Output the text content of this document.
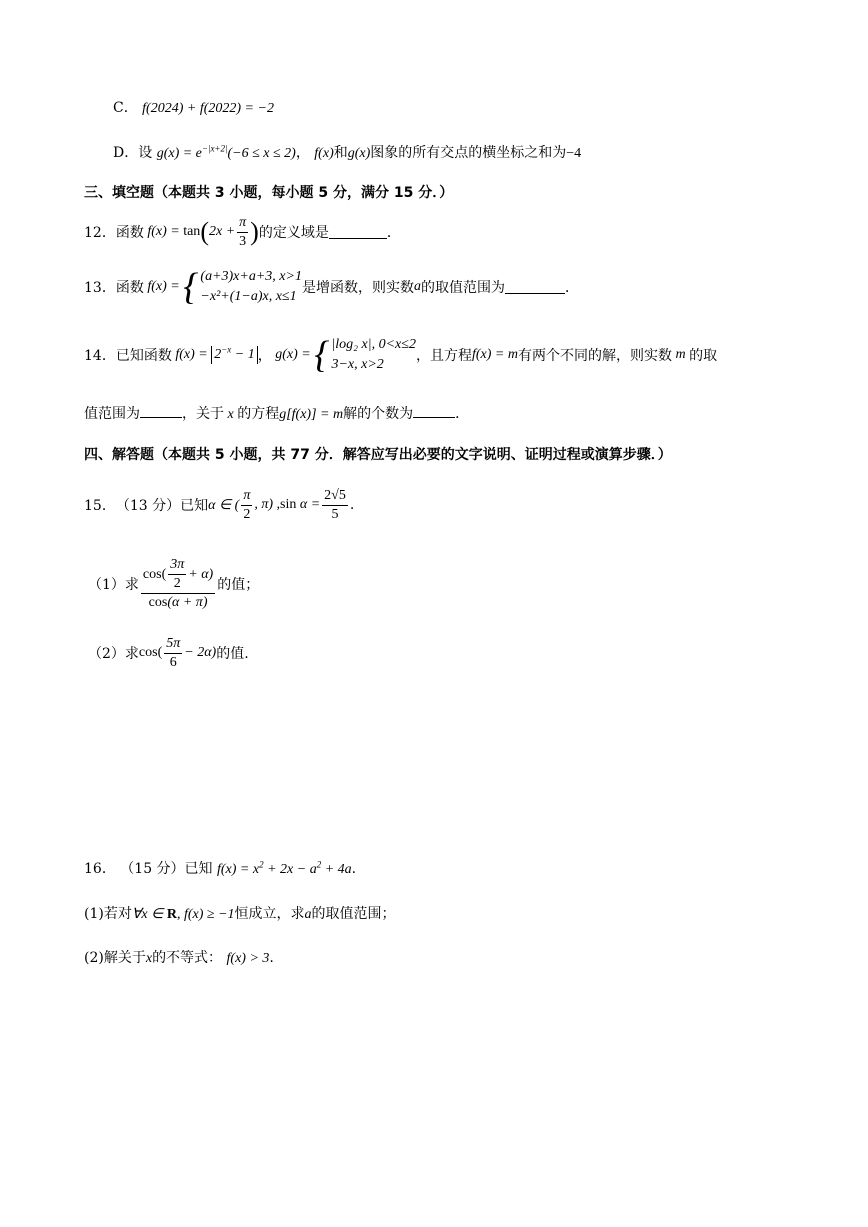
C． f(2024) + f(2022) = −2
D．设 $g(x) = e^{-|x+2|}(-6 \le x \le 2)$， f(x)和g(x)图象的所有交点的横坐标之和为−4
三、填空题（本题共 3 小题，每小题 5 分，满分 15 分．）
12． 函数 f(x) = tan ( $2x + \frac{\pi}{3}$ ) 的定义域是	．
13． 函数 f(x) = { (a+3)x+a+3, x>1
−x²+(1−a)x, x≤1
是增函数，则实数 a 的取值范围为	．
14． 已知函数 $f(x) = 2^{-x} - 1$ ， g(x) = { |log₂ x|, 0<x≤2
3−x, x>2
，且方程 f(x) = m 有两个不同的解，则实数 m 的取
值范围为	，关于 x 的方程g[f(x)] = m解的个数为	．
四、解答题（本题共 5 小题，共 77 分．解答应写出必要的文字说明、证明过程或演算步骤．）
15． （13 分） 已知 α ∈ ( $\frac{\pi}{2}$ , π) ,sin $\alpha = \frac{2√5}{5}$ .
（1）求 $\frac{\cos( \frac{3\pi}{2} + \alpha)}{\cos(\alpha + \pi)}$ 的值；
（2）求 $\cos( \frac{5\pi}{6} - 2\alpha)$ 的值.
16． （15 分）已知 $f(x) = x^2 + 2x - a^2 + 4a$.
(1)若对∀x ∈ R, f(x) ≥ −1恒成立，求a的取值范围；
(2)解关于x的不等式： f(x) > 3.
